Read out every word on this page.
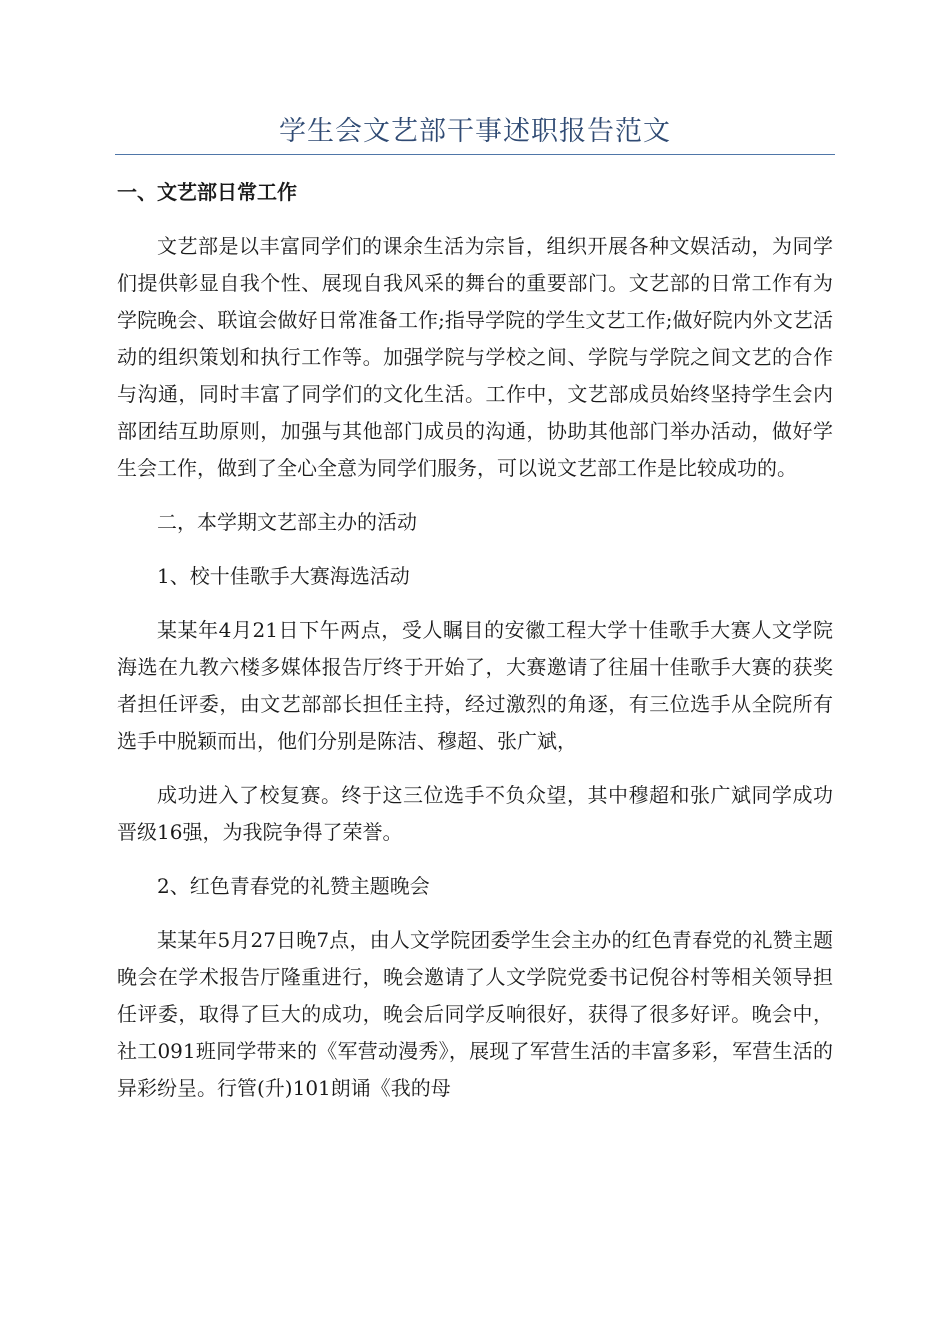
学生会文艺部干事述职报告范文
一、文艺部日常工作

文艺部是以丰富同学们的课余生活为宗旨，组织开展各种文娱活动，为同学们提供彰显自我个性、展现自我风采的舞台的重要部门。文艺部的日常工作有为学院晚会、联谊会做好日常准备工作;指导学院的学生文艺工作;做好院内外文艺活动的组织策划和执行工作等。加强学院与学校之间、学院与学院之间文艺的合作与沟通，同时丰富了同学们的文化生活。工作中，文艺部成员始终坚持学生会内部团结互助原则，加强与其他部门成员的沟通，协助其他部门举办活动，做好学生会工作，做到了全心全意为同学们服务，可以说文艺部工作是比较成功的。

二，本学期文艺部主办的活动

1、校十佳歌手大赛海选活动

某某年4月21日下午两点，受人瞩目的安徽工程大学十佳歌手大赛人文学院海选在九教六楼多媒体报告厅终于开始了，大赛邀请了往届十佳歌手大赛的获奖者担任评委，由文艺部部长担任主持，经过激烈的角逐，有三位选手从全院所有选手中脱颖而出，他们分别是陈洁、穆超、张广斌，

成功进入了校复赛。终于这三位选手不负众望，其中穆超和张广斌同学成功晋级16强，为我院争得了荣誉。

2、红色青春党的礼赞主题晚会

某某年5月27日晚7点，由人文学院团委学生会主办的红色青春党的礼赞主题晚会在学术报告厅隆重进行，晚会邀请了人文学院党委书记倪谷村等相关领导担任评委，取得了巨大的成功，晚会后同学反响很好，获得了很多好评。晚会中，社工091班同学带来的《军营动漫秀》，展现了军营生活的丰富多彩，军营生活的异彩纷呈。行管(升)101朗诵《我的母
